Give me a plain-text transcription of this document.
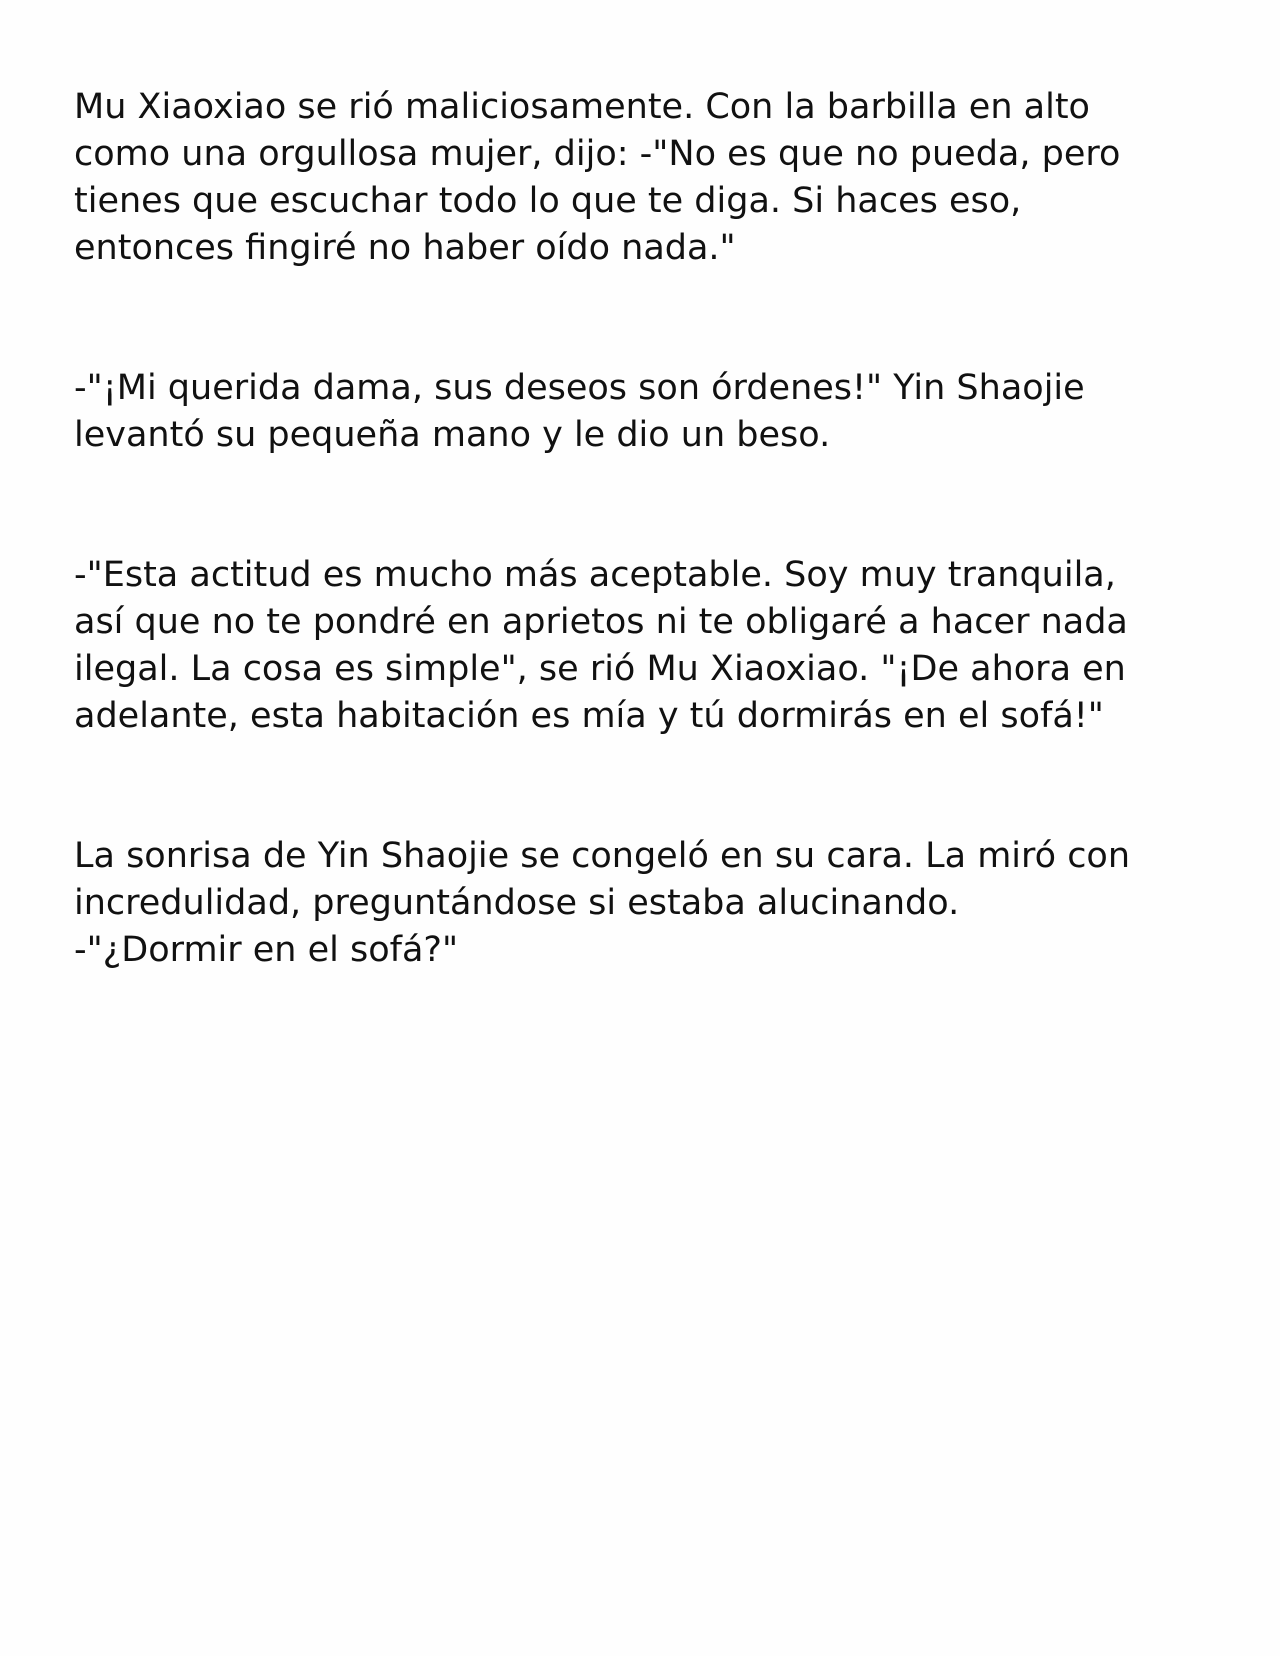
Mu Xiaoxiao se rió maliciosamente. Con la barbilla en alto
como una orgullosa mujer, dijo: -"No es que no pueda, pero
tienes que escuchar todo lo que te diga. Si haces eso,
entonces fingiré no haber oído nada."

-"¡Mi querida dama, sus deseos son órdenes!" Yin Shaojie
levantó su pequeña mano y le dio un beso.

-"Esta actitud es mucho más aceptable. Soy muy tranquila,
así que no te pondré en aprietos ni te obligaré a hacer nada
ilegal. La cosa es simple", se rió Mu Xiaoxiao. "¡De ahora en
adelante, esta habitación es mía y tú dormirás en el sofá!"

La sonrisa de Yin Shaojie se congeló en su cara. La miró con
incredulidad, preguntándose si estaba alucinando.
-"¿Dormir en el sofá?"
